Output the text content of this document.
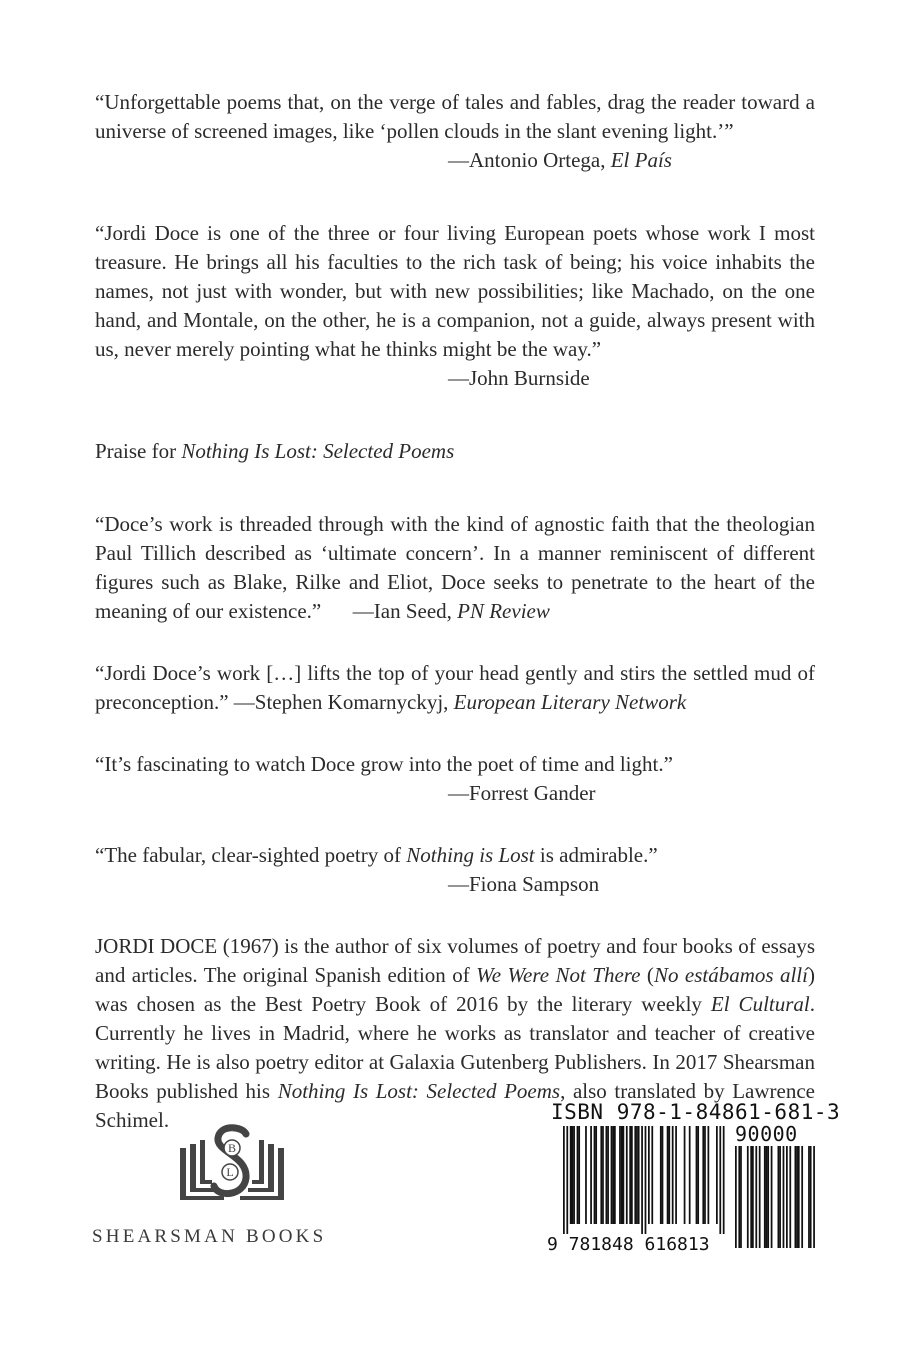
“Unforgettable poems that, on the verge of tales and fables, drag the reader toward a universe of screened images, like ‘pollen clouds in the slant evening light.’”

—Antonio Ortega, El País

“Jordi Doce is one of the three or four living European poets whose work I most treasure. He brings all his faculties to the rich task of being; his voice inhabits the names, not just with wonder, but with new possibilities; like Machado, on the one hand, and Montale, on the other, he is a companion, not a guide, always present with us, never merely pointing what he thinks might be the way.”

—John Burnside

Praise for Nothing Is Lost: Selected Poems

“Doce’s work is threaded through with the kind of agnostic faith that the theologian Paul Tillich described as ‘ultimate concern’. In a manner reminiscent of different figures such as Blake, Rilke and Eliot, Doce seeks to penetrate to the heart of the meaning of our existence.” —Ian Seed, PN Review

“Jordi Doce’s work […] lifts the top of your head gently and stirs the settled mud of preconception.” —Stephen Komarnyckyj, European Literary Network

“It’s fascinating to watch Doce grow into the poet of time and light.”

—Forrest Gander

“The fabular, clear-sighted poetry of Nothing is Lost is admirable.”

—Fiona Sampson

JORDI DOCE (1967) is the author of six volumes of poetry and four books of essays and articles. The original Spanish edition of We Were Not There (No estábamos allí) was chosen as the Best Poetry Book of 2016 by the literary weekly El Cultural. Currently he lives in Madrid, where he works as translator and teacher of creative writing. He is also poetry editor at Galaxia Gutenberg Publishers. In 2017 Shearsman Books published his Nothing Is Lost: Selected Poems, also translated by Lawrence Schimel.	S
B
L
SHEARSMAN BOOKS
ISBN 978-1-84861-681-3
90000
9 781848 616813
